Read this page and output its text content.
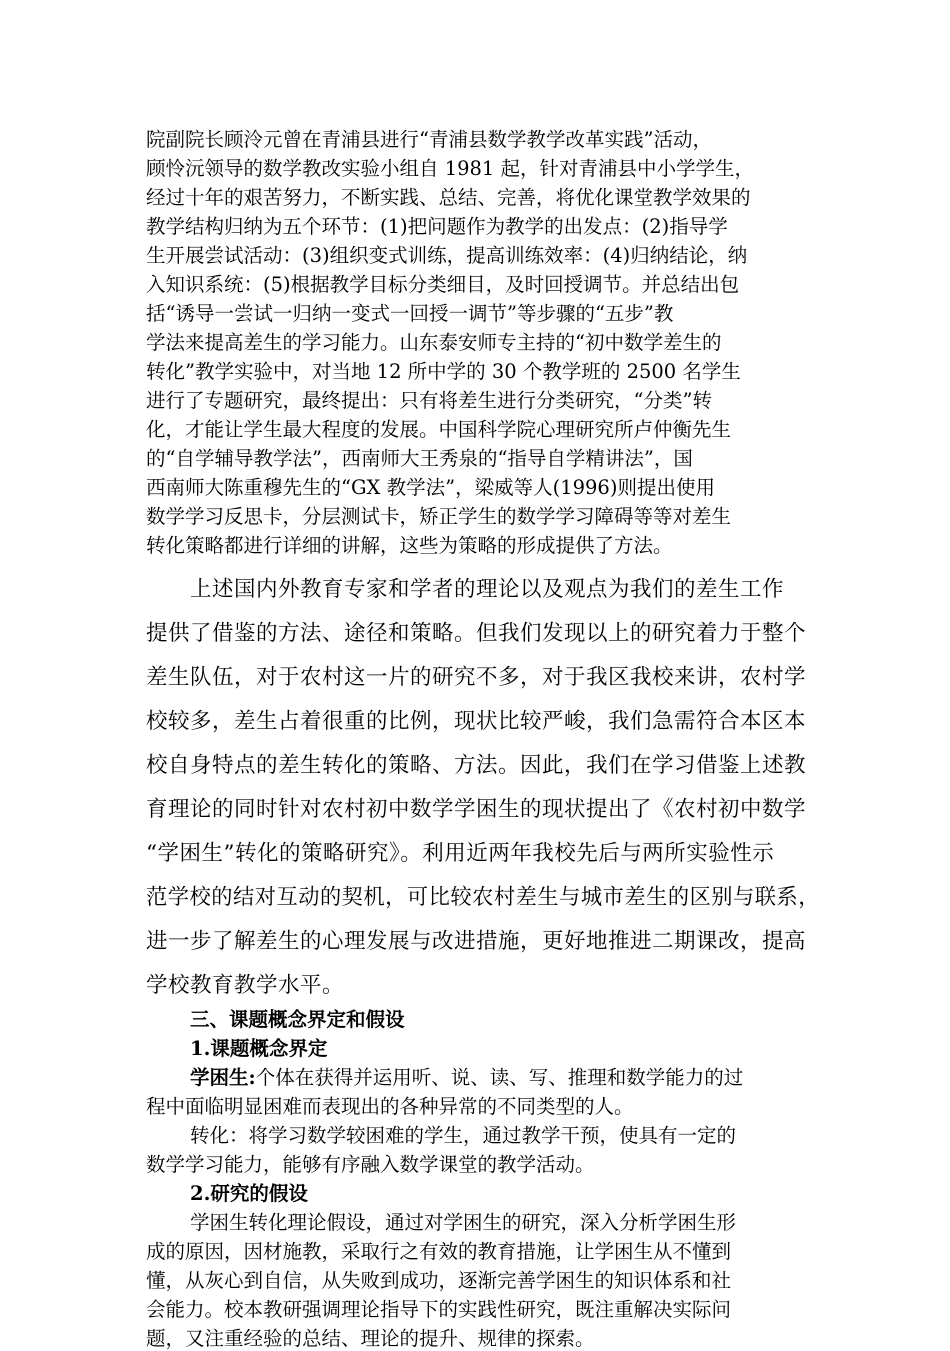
院副院长顾泠元曾在青浦县进行“青浦县数学教学改革实践”活动，
顾怜沅领导的数学教改实验小组自 1981 起，针对青浦县中小学学生，
经过十年的艰苦努力，不断实践、总结、完善，将优化课堂教学效果的
教学结构归纳为五个环节：(1)把问题作为教学的出发点：(2)指导学
生开展尝试活动：(3)组织变式训练，提高训练效率：(4)归纳结论，纳
入知识系统：(5)根据教学目标分类细目，及时回授调节。并总结出包
括“诱导一尝试一归纳一变式一回授一调节”等步骤的“五步”教
学法来提高差生的学习能力。山东泰安师专主持的“初中数学差生的
转化”教学实验中，对当地 12 所中学的 30 个教学班的 2500 名学生
进行了专题研究，最终提出：只有将差生进行分类研究，“分类”转
化，才能让学生最大程度的发展。中国科学院心理研究所卢仲衡先生
的“自学辅导教学法”，西南师大王秀泉的“指导自学精讲法”，国
西南师大陈重穆先生的“GX 教学法”，梁威等人(1996)则提出使用
数学学习反思卡，分层测试卡，矫正学生的数学学习障碍等等对差生
转化策略都进行详细的讲解，这些为策略的形成提供了方法。
上述国内外教育专家和学者的理论以及观点为我们的差生工作
提供了借鉴的方法、途径和策略。但我们发现以上的研究着力于整个
差生队伍，对于农村这一片的研究不多，对于我区我校来讲，农村学
校较多，差生占着很重的比例，现状比较严峻，我们急需符合本区本
校自身特点的差生转化的策略、方法。因此，我们在学习借鉴上述教
育理论的同时针对农村初中数学学困生的现状提出了《农村初中数学
“学困生”转化的策略研究》。利用近两年我校先后与两所实验性示
范学校的结对互动的契机，可比较农村差生与城市差生的区别与联系，
进一步了解差生的心理发展与改进措施，更好地推进二期课改，提高
学校教育教学水平。
三、课题概念界定和假设
1.课题概念界定
学困生:个体在获得并运用听、说、读、写、推理和数学能力的过
程中面临明显困难而表现出的各种异常的不同类型的人。
转化：将学习数学较困难的学生，通过教学干预，使具有一定的
数学学习能力，能够有序融入数学课堂的教学活动。
2.研究的假设
学困生转化理论假设，通过对学困生的研究，深入分析学困生形
成的原因，因材施教，采取行之有效的教育措施，让学困生从不懂到
懂，从灰心到自信，从失败到成功，逐渐完善学困生的知识体系和社
会能力。校本教研强调理论指导下的实践性研究，既注重解决实际问
题，又注重经验的总结、理论的提升、规律的探索。
